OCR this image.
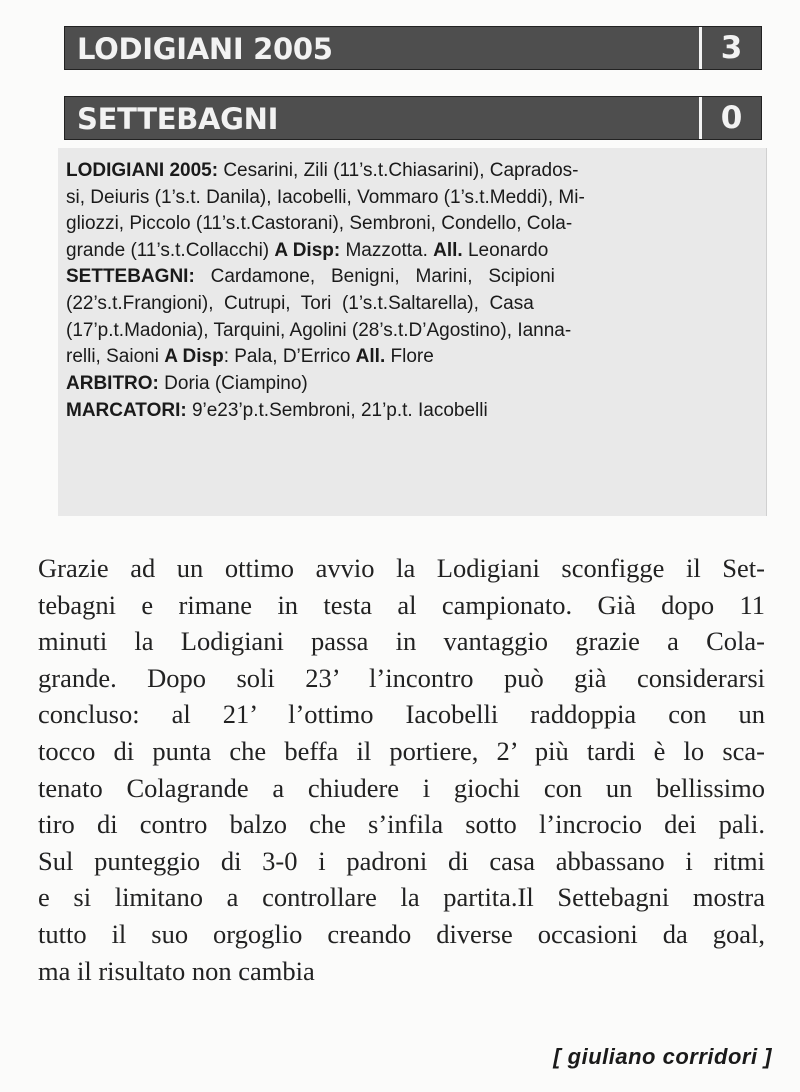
LODIGIANI 2005	3
SETTEBAGNI	0

LODIGIANI 2005: Cesarini, Zili (11’s.t.Chiasarini), Caprados-

si, Deiuris (1’s.t. Danila), Iacobelli, Vommaro (1’s.t.Meddi), Mi-

gliozzi, Piccolo (11’s.t.Castorani), Sembroni, Condello, Cola-

grande (11’s.t.Collacchi) A Disp: Mazzotta. All. Leonardo

SETTEBAGNI:   Cardamone,   Benigni,   Marini,   Scipioni

(22’s.t.Frangioni),  Cutrupi,  Tori  (1’s.t.Saltarella),  Casa

(17’p.t.Madonia), Tarquini, Agolini (28’s.t.D’Agostino), Ianna-

relli, Saioni A Disp: Pala, D’Errico All. Flore

ARBITRO: Doria (Ciampino)

MARCATORI: 9’e23’p.t.Sembroni, 21’p.t. Iacobelli

Grazie ad un ottimo avvio la Lodigiani sconfigge il Set-
tebagni e rimane in testa al campionato. Già dopo 11
minuti la Lodigiani passa in vantaggio grazie a Cola-
grande. Dopo soli 23’ l’incontro può già considerarsi
concluso: al 21’ l’ottimo Iacobelli raddoppia con un
tocco di punta che beffa il portiere, 2’ più tardi è lo sca-
tenato Colagrande a chiudere i giochi con un bellissimo
tiro di contro balzo che s’infila sotto l’incrocio dei pali.
Sul punteggio di 3-0 i padroni di casa abbassano i ritmi
e si limitano a controllare la partita.Il Settebagni mostra
tutto il suo orgoglio creando diverse occasioni da goal,
ma il risultato non cambia
[ giuliano corridori ]
